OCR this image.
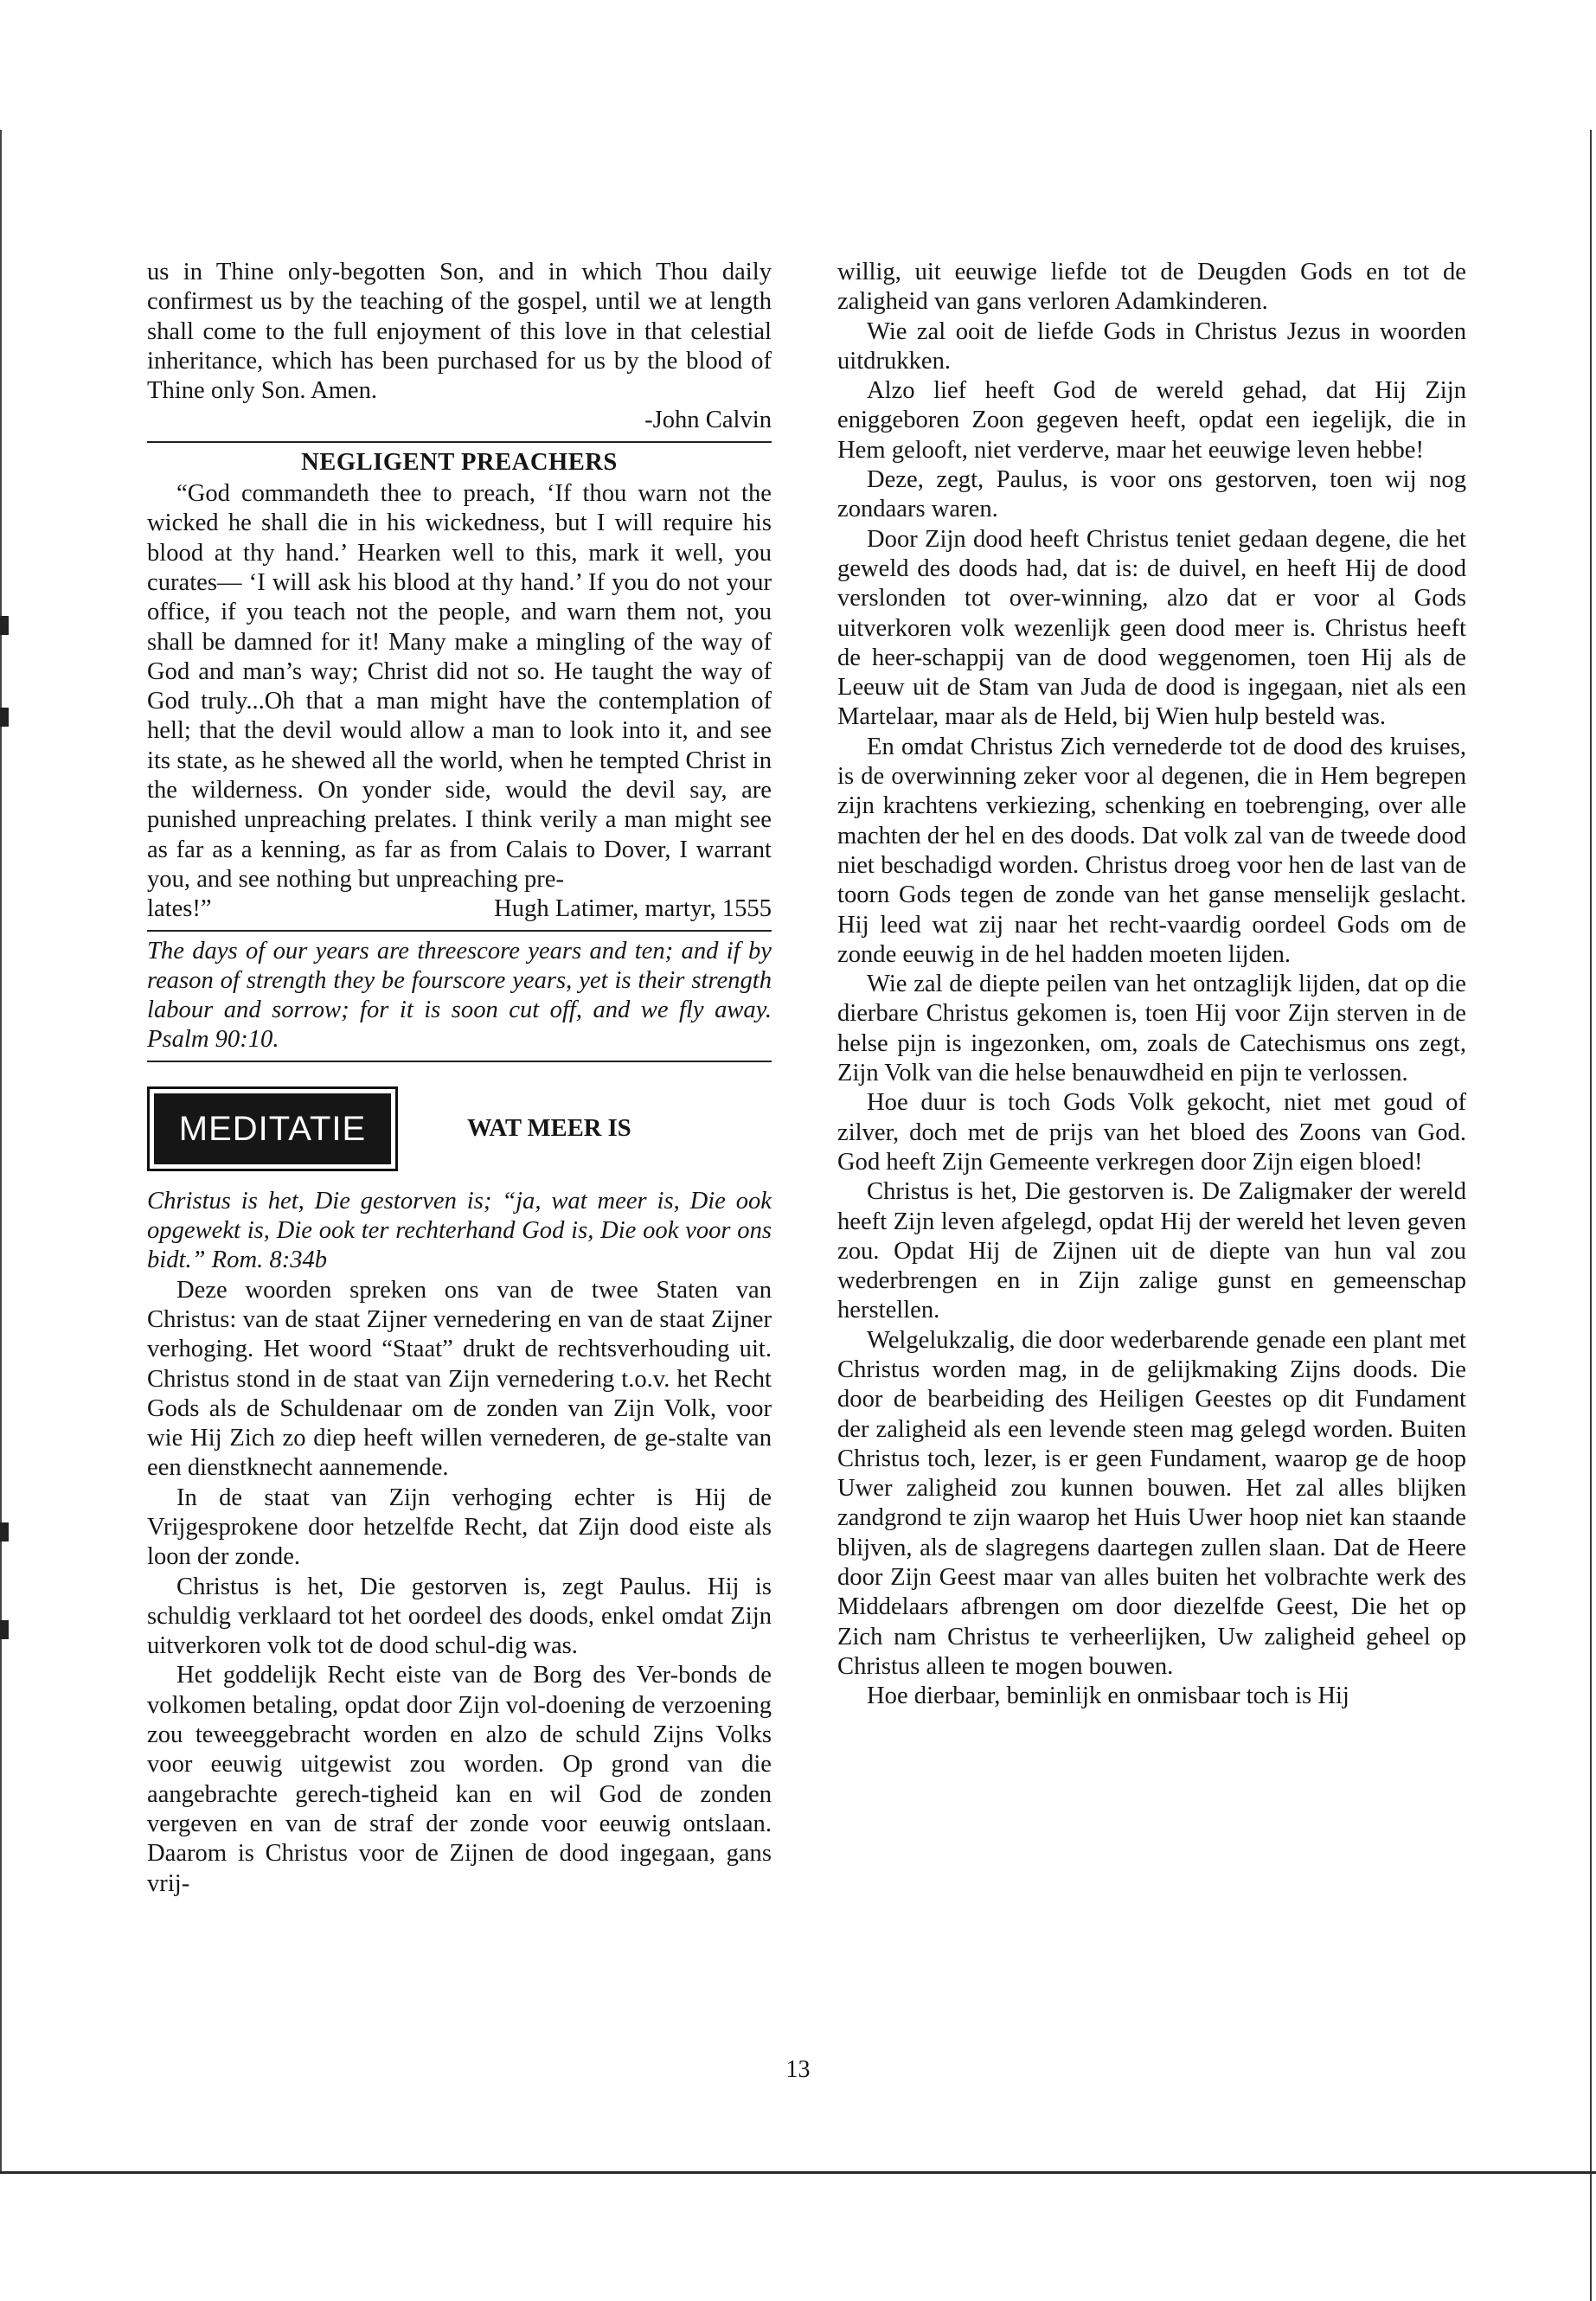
us in Thine only-begotten Son, and in which Thou daily confirmest us by the teaching of the gospel, until we at length shall come to the full enjoyment of this love in that celestial inheritance, which has been purchased for us by the blood of Thine only Son. Amen.

-John Calvin
NEGLIGENT PREACHERS

“God commandeth thee to preach, ‘If thou warn not the wicked he shall die in his wickedness, but I will require his blood at thy hand.’ Hearken well to this, mark it well, you curates— ‘I will ask his blood at thy hand.’ If you do not your office, if you teach not the people, and warn them not, you shall be damned for it! Many make a mingling of the way of God and man’s way; Christ did not so. He taught the way of God truly...Oh that a man might have the contemplation of hell; that the devil would allow a man to look into it, and see its state, as he shewed all the world, when he tempted Christ in the wilderness. On yonder side, would the devil say, are punished unpreaching prelates. I think verily a man might see as far as a kenning, as far as from Calais to Dover, I warrant you, and see nothing but unpreaching pre-

lates!”	Hugh Latimer, martyr, 1555

The days of our years are threescore years and ten; and if by reason of strength they be fourscore years, yet is their strength labour and sorrow; for it is soon cut off, and we fly away. Psalm 90:10.

MEDITATIE	WAT MEER IS

Christus is het, Die gestorven is; “ja, wat meer is, Die ook opgewekt is, Die ook ter rechterhand God is, Die ook voor ons bidt.” Rom. 8:34b

Deze woorden spreken ons van de twee Staten van Christus: van de staat Zijner vernedering en van de staat Zijner verhoging. Het woord “Staat” drukt de rechtsverhouding uit. Christus stond in de staat van Zijn vernedering t.o.v. het Recht Gods als de Schuldenaar om de zonden van Zijn Volk, voor wie Hij Zich zo diep heeft willen vernederen, de ge-stalte van een dienstknecht aannemende.

In de staat van Zijn verhoging echter is Hij de Vrijgesprokene door hetzelfde Recht, dat Zijn dood eiste als loon der zonde.

Christus is het, Die gestorven is, zegt Paulus. Hij is schuldig verklaard tot het oordeel des doods, enkel omdat Zijn uitverkoren volk tot de dood schul-dig was.

Het goddelijk Recht eiste van de Borg des Ver-bonds de volkomen betaling, opdat door Zijn vol-doening de verzoening zou teweeggebracht worden en alzo de schuld Zijns Volks voor eeuwig uitgewist zou worden. Op grond van die aangebrachte gerech-tigheid kan en wil God de zonden vergeven en van de straf der zonde voor eeuwig ontslaan. Daarom is Christus voor de Zijnen de dood ingegaan, gans vrij-

willig, uit eeuwige liefde tot de Deugden Gods en tot de zaligheid van gans verloren Adamkinderen.

Wie zal ooit de liefde Gods in Christus Jezus in woorden uitdrukken.

Alzo lief heeft God de wereld gehad, dat Hij Zijn eniggeboren Zoon gegeven heeft, opdat een iegelijk, die in Hem gelooft, niet verderve, maar het eeuwige leven hebbe!

Deze, zegt, Paulus, is voor ons gestorven, toen wij nog zondaars waren.

Door Zijn dood heeft Christus teniet gedaan degene, die het geweld des doods had, dat is: de duivel, en heeft Hij de dood verslonden tot over-winning, alzo dat er voor al Gods uitverkoren volk wezenlijk geen dood meer is. Christus heeft de heer-schappij van de dood weggenomen, toen Hij als de Leeuw uit de Stam van Juda de dood is ingegaan, niet als een Martelaar, maar als de Held, bij Wien hulp besteld was.

En omdat Christus Zich vernederde tot de dood des kruises, is de overwinning zeker voor al degenen, die in Hem begrepen zijn krachtens verkiezing, schenking en toebrenging, over alle machten der hel en des doods. Dat volk zal van de tweede dood niet beschadigd worden. Christus droeg voor hen de last van de toorn Gods tegen de zonde van het ganse menselijk geslacht. Hij leed wat zij naar het recht-vaardig oordeel Gods om de zonde eeuwig in de hel hadden moeten lijden.

Wie zal de diepte peilen van het ontzaglijk lijden, dat op die dierbare Christus gekomen is, toen Hij voor Zijn sterven in de helse pijn is ingezonken, om, zoals de Catechismus ons zegt, Zijn Volk van die helse benauwdheid en pijn te verlossen.

Hoe duur is toch Gods Volk gekocht, niet met goud of zilver, doch met de prijs van het bloed des Zoons van God. God heeft Zijn Gemeente verkregen door Zijn eigen bloed!

Christus is het, Die gestorven is. De Zaligmaker der wereld heeft Zijn leven afgelegd, opdat Hij der wereld het leven geven zou. Opdat Hij de Zijnen uit de diepte van hun val zou wederbrengen en in Zijn zalige gunst en gemeenschap herstellen.

Welgelukzalig, die door wederbarende genade een plant met Christus worden mag, in de gelijkmaking Zijns doods. Die door de bearbeiding des Heiligen Geestes op dit Fundament der zaligheid als een levende steen mag gelegd worden. Buiten Christus toch, lezer, is er geen Fundament, waarop ge de hoop Uwer zaligheid zou kunnen bouwen. Het zal alles blijken zandgrond te zijn waarop het Huis Uwer hoop niet kan staande blijven, als de slagregens daartegen zullen slaan. Dat de Heere door Zijn Geest maar van alles buiten het volbrachte werk des Middelaars afbrengen om door diezelfde Geest, Die het op Zich nam Christus te verheerlijken, Uw zaligheid geheel op Christus alleen te mogen bouwen.

Hoe dierbaar, beminlijk en onmisbaar toch is Hij

13
